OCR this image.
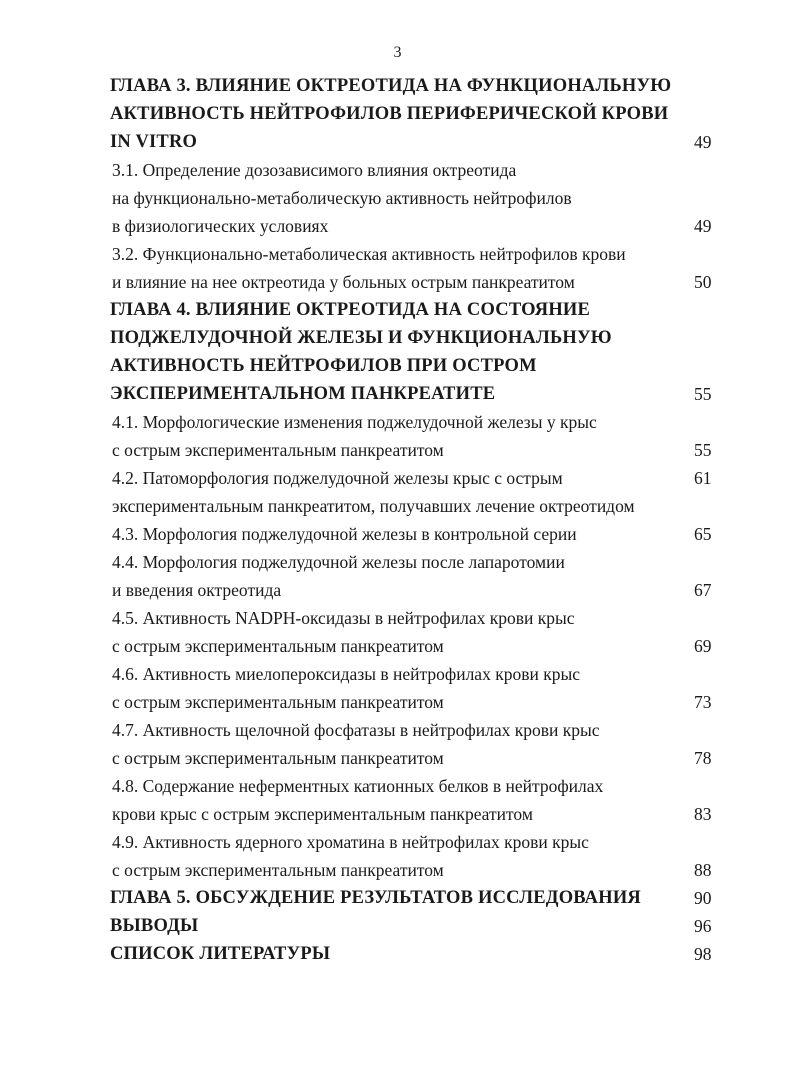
3
ГЛАВА 3. ВЛИЯНИЕ ОКТРЕОТИДА НА ФУНКЦИОНАЛЬНУЮ
АКТИВНОСТЬ НЕЙТРОФИЛОВ ПЕРИФЕРИЧЕСКОЙ КРОВИ
IN VITRO	49
3.1. Определение дозозависимого влияния октреотида
на функционально-метаболическую активность нейтрофилов
в физиологических условиях	49
3.2. Функционально-метаболическая активность нейтрофилов крови
и влияние на нее октреотида у больных острым панкреатитом	50
ГЛАВА 4. ВЛИЯНИЕ ОКТРЕОТИДА НА СОСТОЯНИЕ
ПОДЖЕЛУДОЧНОЙ ЖЕЛЕЗЫ И ФУНКЦИОНАЛЬНУЮ
АКТИВНОСТЬ НЕЙТРОФИЛОВ ПРИ ОСТРОМ
ЭКСПЕРИМЕНТАЛЬНОМ ПАНКРЕАТИТЕ	55
4.1. Морфологические изменения поджелудочной железы у крыс
с острым экспериментальным панкреатитом	55
4.2. Патоморфология поджелудочной железы крыс с острым	61
экспериментальным панкреатитом, получавших лечение октреотидом
4.3. Морфология поджелудочной железы в контрольной серии	65
4.4. Морфология поджелудочной железы после лапаротомии
и введения октреотида	67
4.5. Активность NADPH-оксидазы в нейтрофилах крови крыс
с острым экспериментальным панкреатитом	69
4.6. Активность миелопероксидазы в нейтрофилах крови крыс
с острым экспериментальным панкреатитом	73
4.7. Активность щелочной фосфатазы в нейтрофилах крови крыс
с острым экспериментальным панкреатитом	78
4.8. Содержание неферментных катионных белков в нейтрофилах
крови крыс с острым экспериментальным панкреатитом	83
4.9. Активность ядерного хроматина в нейтрофилах крови крыс
с острым экспериментальным панкреатитом	88
ГЛАВА 5. ОБСУЖДЕНИЕ РЕЗУЛЬТАТОВ ИССЛЕДОВАНИЯ	90
ВЫВОДЫ	96
СПИСОК ЛИТЕРАТУРЫ	98
